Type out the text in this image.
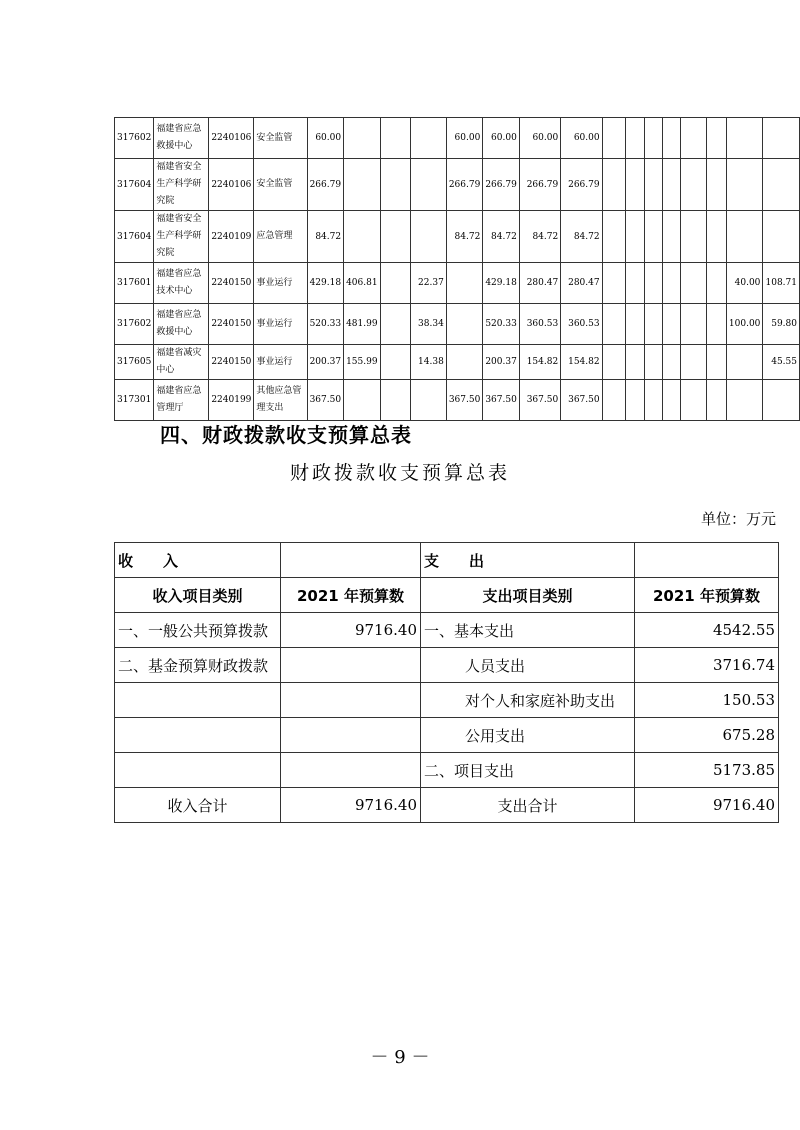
317602	福建省应急救援中心	2240106	安全监管	60.00				60.00	60.00	60.00	60.00								
317604	福建省安全生产科学研究院	2240106	安全监管	266.79				266.79	266.79	266.79	266.79								
317604	福建省安全生产科学研究院	2240109	应急管理	84.72				84.72	84.72	84.72	84.72								
317601	福建省应急技术中心	2240150	事业运行	429.18	406.81		22.37		429.18	280.47	280.47							40.00	108.71
317602	福建省应急救援中心	2240150	事业运行	520.33	481.99		38.34		520.33	360.53	360.53							100.00	59.80
317605	福建省减灾中心	2240150	事业运行	200.37	155.99		14.38		200.37	154.82	154.82								45.55
317301	福建省应急管理厅	2240199	其他应急管理支出	367.50				367.50	367.50	367.50	367.50								
四、财政拨款收支预算总表
财政拨款收支预算总表
单位：万元
收　　入		支　　出	
收入项目类别	2021 年预算数	支出项目类别	2021 年预算数
一、一般公共预算拨款	9716.40	一、基本支出	4542.55
二、基金预算财政拨款		人员支出	3716.74
		对个人和家庭补助支出	150.53
		公用支出	675.28
		二、项目支出	5173.85
收入合计	9716.40	支出合计	9716.40
－ 9 －
